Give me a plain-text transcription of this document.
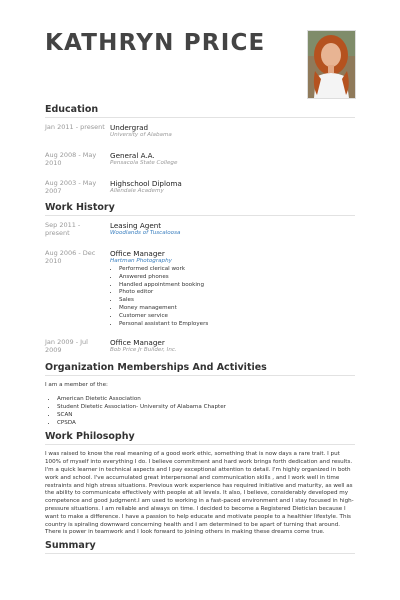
KATHRYN PRICE
Education
Jan 2011 - present Undergrad
University of Alabama
Aug 2008 - May 2010
General A.A.
Pensacola State College
Aug 2003 - May 2007
Highschool Diploma
Allendale Academy
Work History
Sep 2011 - present
Leasing Agent
Woodlands of Tuscaloosa
Aug 2006 - Dec 2010
Office Manager
Hartman Photography
• Performed clerical work
• Answered phones
• Handled appointment booking
• Photo editor
• Sales
• Money management
• Customer service
• Personal assistant to Employers
Jan 2009 - Jul 2009
Office Manager
Bob Price Jr Builder, Inc.
Organization Memberships And Activities

I am a member of the:

• American Dietetic Association
• Student Dietetic Association- University of Alabama Chapter
• SCAN
• CPSDA
Work Philosophy

I was raised to know the real meaning of a good work ethic, something that is now days a rare trait. I put 100% of myself into everything I do. I believe commitment and hard work brings forth dedication and results. I'm a quick learner in technical aspects and I pay exceptional attention to detail. I'm highly organized in both work and school. I've accumulated great interpersonal and communication skills , and I work well in time restraints and high stress situations. Previous work experience has required initiative and maturity, as well as the ability to communicate effectively with people at all levels. It also, I believe, considerably developed my competence and good judgment.I am used to working in a fast-paced environment and I stay focused in high-pressure situations. I am reliable and always on time. I decided to become a Registered Dietician because I want to make a difference. I have a passion to help educate and motivate people to a healthier lifestyle. This country is spiraling downward concerning health and I am determined to be apart of turning that around. There is power in teamwork and I look forward to joining others in making these dreams come true.

Summary
